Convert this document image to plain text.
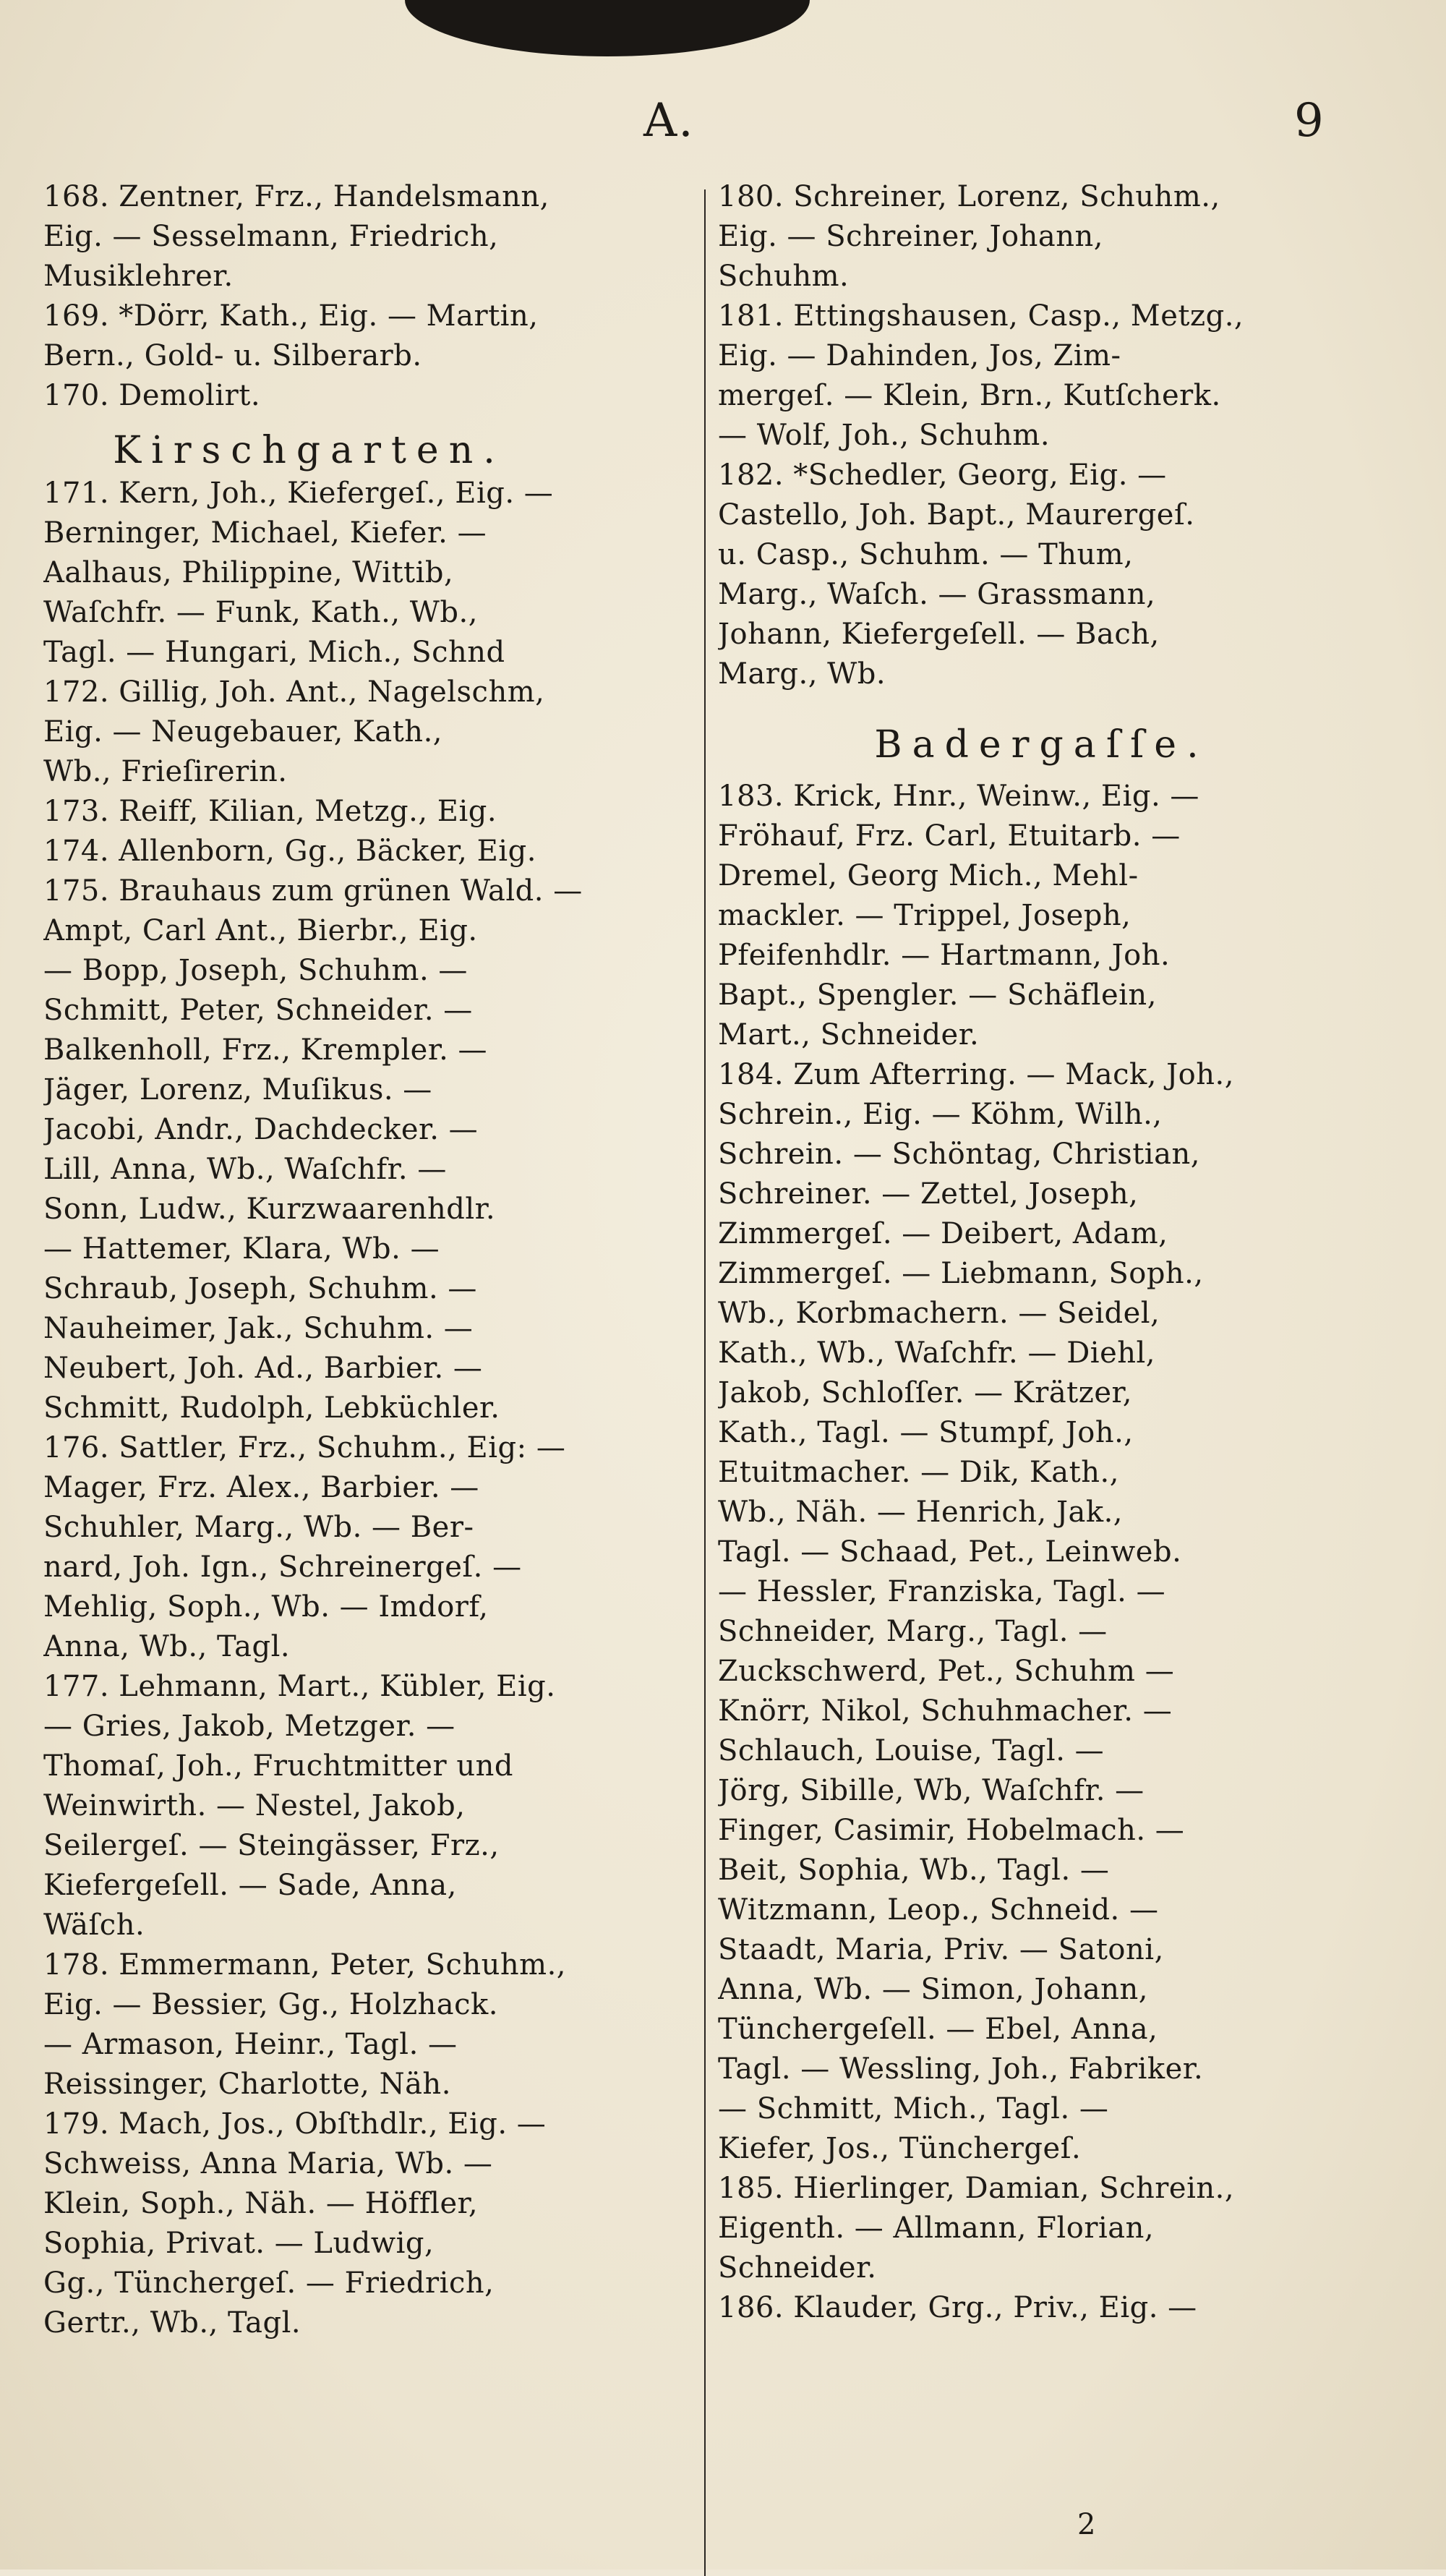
A.	9
168. Zentner, Frz., Handelsmann,
Eig. — Sesselmann, Friedrich,
Musiklehrer.
169. *Dörr, Kath., Eig. — Martin,
Bern., Gold- u. Silberarb.
170. Demolirt.
Kirschgarten.
171. Kern, Joh., Kiefergeſ., Eig. —
Berninger, Michael, Kiefer. —
Aalhaus, Philippine, Wittib,
Waſchfr. — Funk, Kath., Wb.,
Tagl. — Hungari, Mich., Schnd
172. Gillig, Joh. Ant., Nagelschm,
Eig. — Neugebauer, Kath.,
Wb., Frieſirerin.
173. Reiff, Kilian, Metzg., Eig.
174. Allenborn, Gg., Bäcker, Eig.
175. Brauhaus zum grünen Wald. —
Ampt, Carl Ant., Bierbr., Eig.
— Bopp, Joseph, Schuhm. —
Schmitt, Peter, Schneider. —
Balkenholl, Frz., Krempler. —
Jäger, Lorenz, Muſikus. —
Jacobi, Andr., Dachdecker. —
Lill, Anna, Wb., Waſchfr. —
Sonn, Ludw., Kurzwaarenhdlr.
— Hattemer, Klara, Wb. —
Schraub, Joseph, Schuhm. —
Nauheimer, Jak., Schuhm. —
Neubert, Joh. Ad., Barbier. —
Schmitt, Rudolph, Lebküchler.
176. Sattler, Frz., Schuhm., Eig: —
Mager, Frz. Alex., Barbier. —
Schuhler, Marg., Wb. — Ber-
nard, Joh. Ign., Schreinergeſ. —
Mehlig, Soph., Wb. — Imdorf,
Anna, Wb., Tagl.
177. Lehmann, Mart., Kübler, Eig.
— Gries, Jakob, Metzger. —
Thomaſ, Joh., Fruchtmitter und
Weinwirth. — Nestel, Jakob,
Seilergeſ. — Steingässer, Frz.,
Kiefergeſell. — Sade, Anna,
Wäſch.
178. Emmermann, Peter, Schuhm.,
Eig. — Bessier, Gg., Holzhack.
— Armason, Heinr., Tagl. —
Reissinger, Charlotte, Näh.
179. Mach, Jos., Obſthdlr., Eig. —
Schweiss, Anna Maria, Wb. —
Klein, Soph., Näh. — Höffler,
Sophia, Privat. — Ludwig,
Gg., Tünchergeſ. — Friedrich,
Gertr., Wb., Tagl.
180. Schreiner, Lorenz, Schuhm.,
Eig. — Schreiner, Johann,
Schuhm.
181. Ettingshausen, Casp., Metzg.,
Eig. — Dahinden, Jos, Zim-
mergeſ. — Klein, Brn., Kutſcherk.
— Wolf, Joh., Schuhm.
182. *Schedler, Georg, Eig. —
Castello, Joh. Bapt., Maurergeſ.
u. Casp., Schuhm. — Thum,
Marg., Waſch. — Grassmann,
Johann, Kiefergeſell. — Bach,
Marg., Wb.
Badergaſſe.
183. Krick, Hnr., Weinw., Eig. —
Fröhauf, Frz. Carl, Etuitarb. —
Dremel, Georg Mich., Mehl-
mackler. — Trippel, Joseph,
Pfeifenhdlr. — Hartmann, Joh.
Bapt., Spengler. — Schäflein,
Mart., Schneider.
184. Zum Afterring. — Mack, Joh.,
Schrein., Eig. — Köhm, Wilh.,
Schrein. — Schöntag, Christian,
Schreiner. — Zettel, Joseph,
Zimmergeſ. — Deibert, Adam,
Zimmergeſ. — Liebmann, Soph.,
Wb., Korbmachern. — Seidel,
Kath., Wb., Waſchfr. — Diehl,
Jakob, Schloſſer. — Krätzer,
Kath., Tagl. — Stumpf, Joh.,
Etuitmacher. — Dik, Kath.,
Wb., Näh. — Henrich, Jak.,
Tagl. — Schaad, Pet., Leinweb.
— Hessler, Franziska, Tagl. —
Schneider, Marg., Tagl. —
Zuckschwerd, Pet., Schuhm —
Knörr, Nikol, Schuhmacher. —
Schlauch, Louise, Tagl. —
Jörg, Sibille, Wb, Waſchfr. —
Finger, Casimir, Hobelmach. —
Beit, Sophia, Wb., Tagl. —
Witzmann, Leop., Schneid. —
Staadt, Maria, Priv. — Satoni,
Anna, Wb. — Simon, Johann,
Tünchergeſell. — Ebel, Anna,
Tagl. — Wessling, Joh., Fabriker.
— Schmitt, Mich., Tagl. —
Kiefer, Jos., Tünchergeſ.
185. Hierlinger, Damian, Schrein.,
Eigenth. — Allmann, Florian,
Schneider.
186. Klauder, Grg., Priv., Eig. —
2
